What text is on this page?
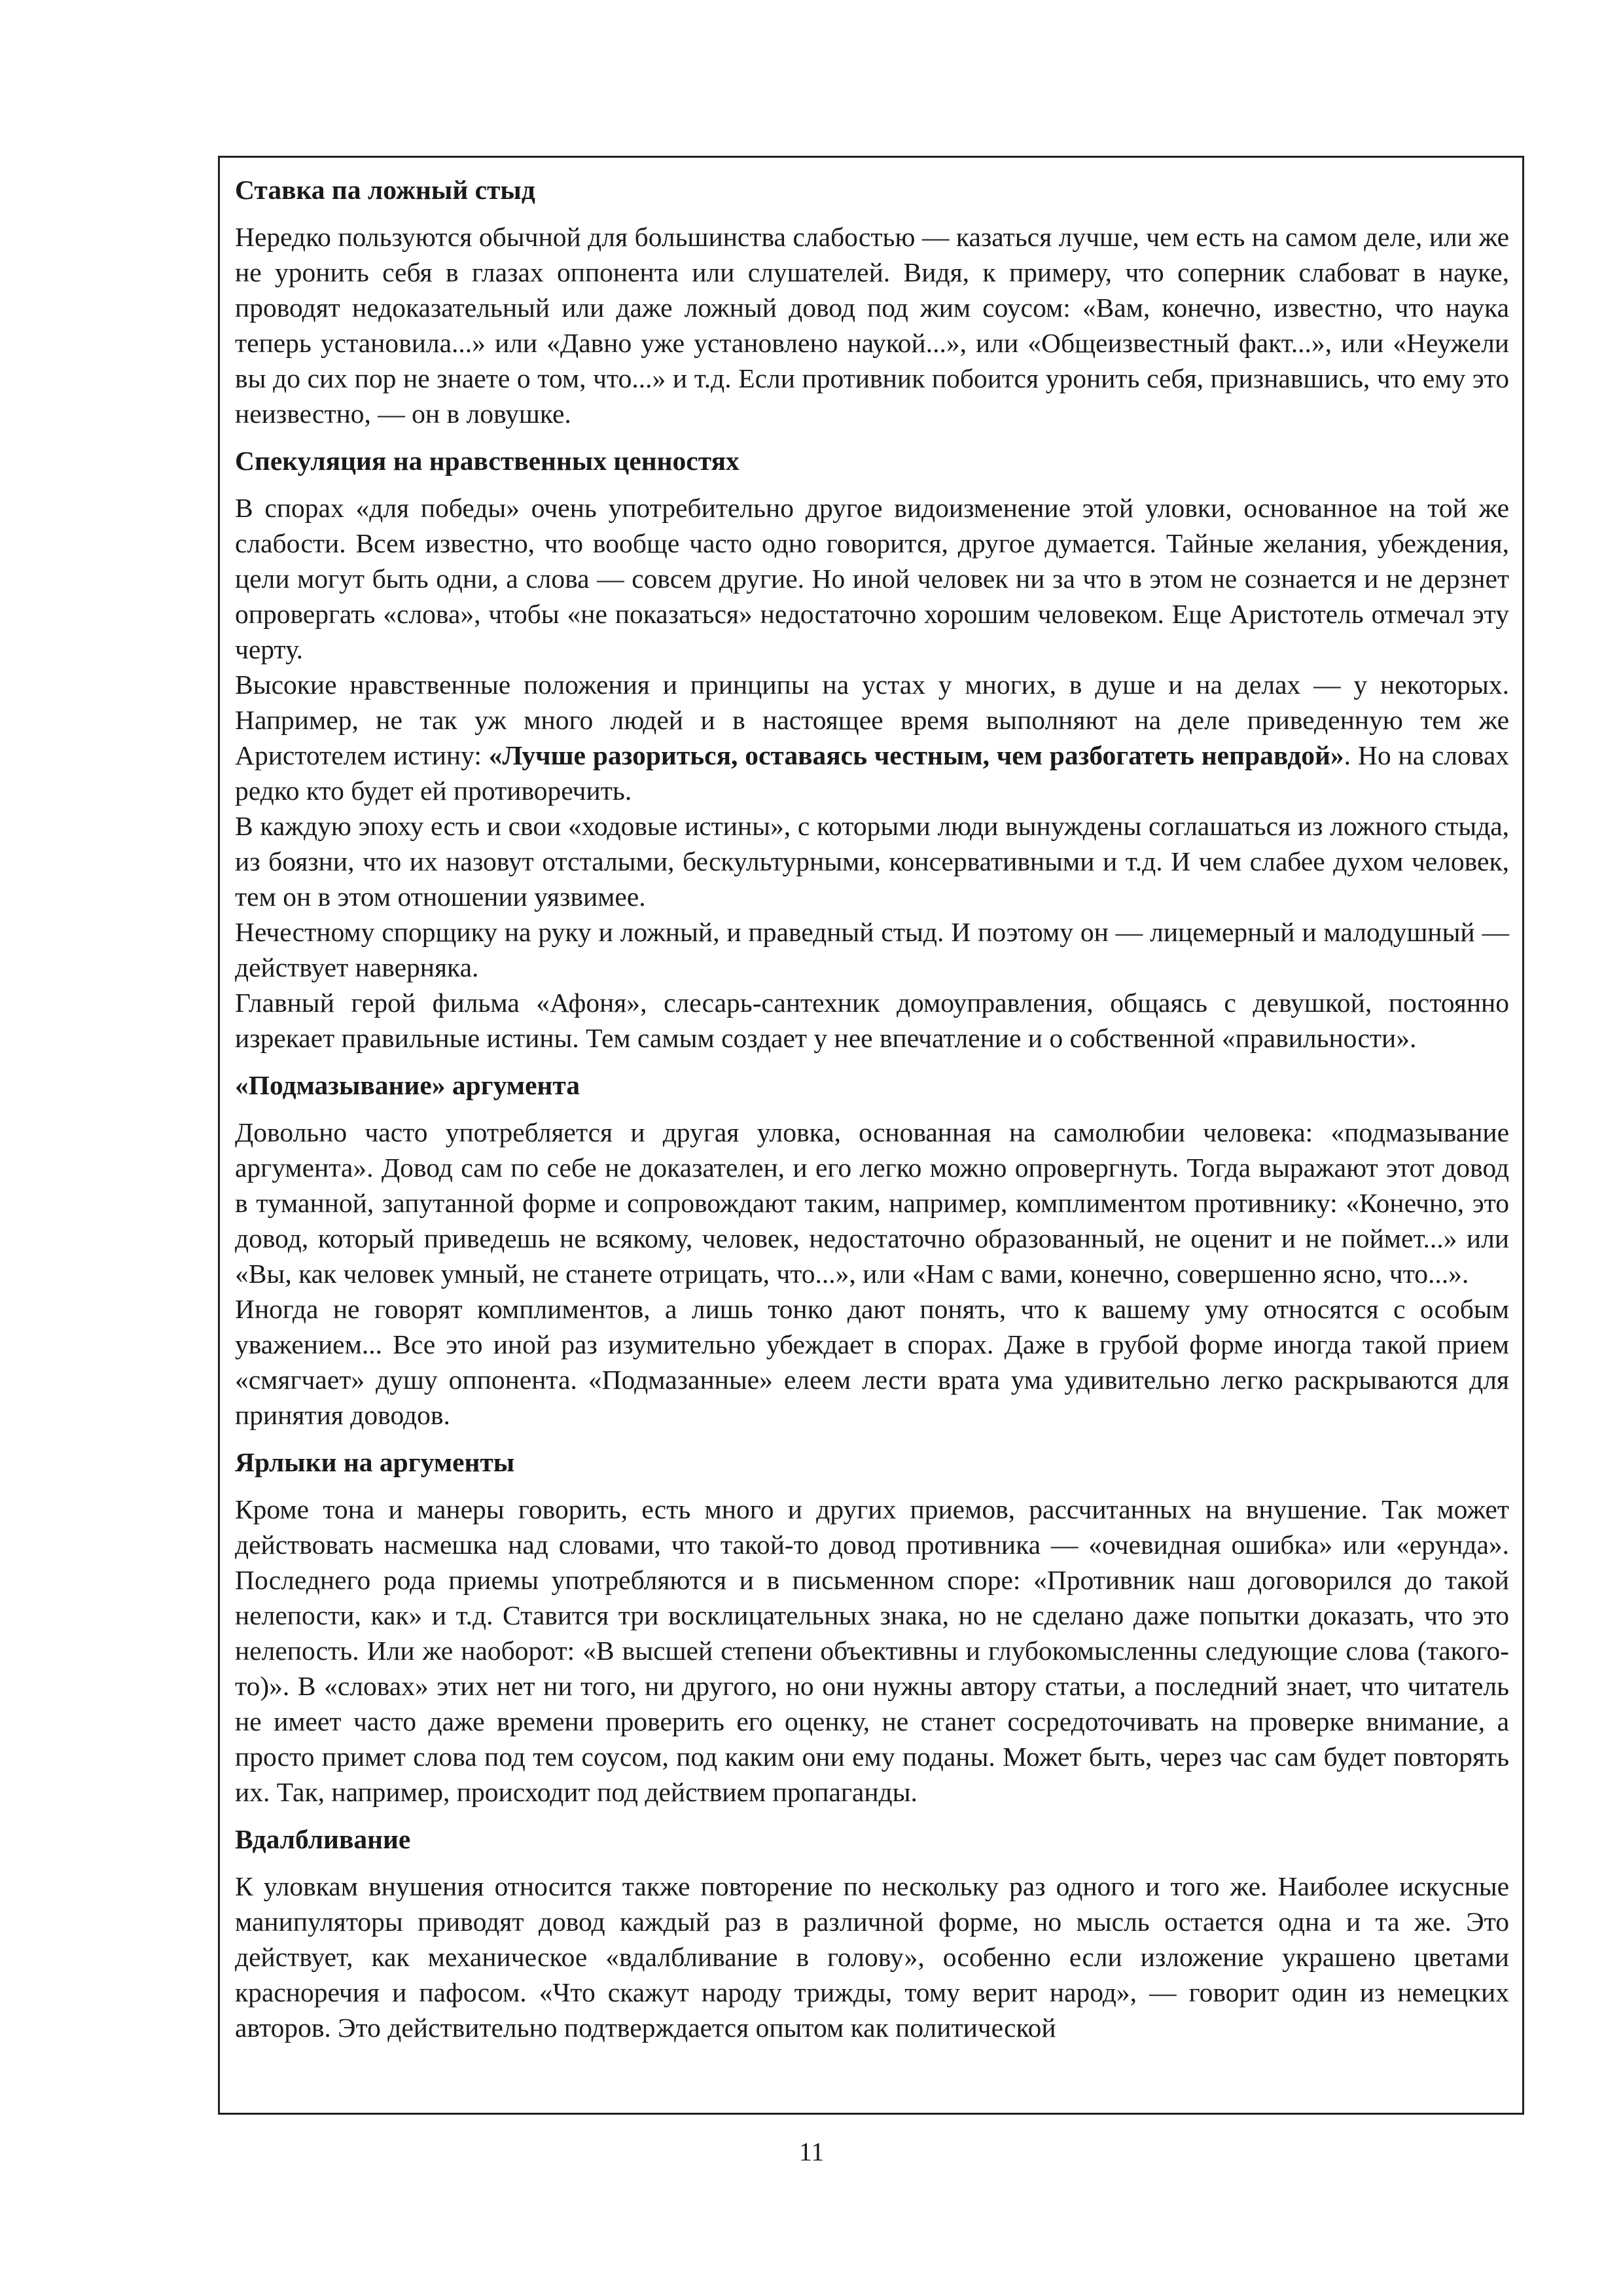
Ставка па ложный стыд

Нередко пользуются обычной для большинства слабостью — казаться лучше, чем есть на самом деле, или же не уронить себя в глазах оппонента или слушателей. Видя, к примеру, что соперник слабоват в науке, проводят недоказательный или даже ложный довод под жим соусом: «Вам, конечно, известно, что наука теперь установила...» или «Давно уже установлено наукой...», или «Общеизвестный факт...», или «Неужели вы до сих пор не знаете о том, что...» и т.д. Если противник побоится уронить себя, признавшись, что ему это неизвестно, — он в ловушке.

Спекуляция на нравственных ценностях

В спорах «для победы» очень употребительно другое видоизменение этой уловки, основанное на той же слабости. Всем известно, что вообще часто одно говорится, другое думается. Тайные желания, убеждения, цели могут быть одни, а слова — совсем другие. Но иной человек ни за что в этом не сознается и не дерзнет опровергать «слова», чтобы «не показаться» недостаточно хорошим человеком. Еще Аристотель отмечал эту черту.

Высокие нравственные положения и принципы на устах у многих, в душе и на делах — у некоторых. Например, не так уж много людей и в настоящее время выполняют на деле приведенную тем же Аристотелем истину: «Лучше разориться, оставаясь честным, чем разбогатеть неправдой». Но на словах редко кто будет ей противоречить.

В каждую эпоху есть и свои «ходовые истины», с которыми люди вынуждены соглашаться из ложного стыда, из боязни, что их назовут отсталыми, бескультурными, консервативными и т.д. И чем слабее духом человек, тем он в этом отношении уязвимее.

Нечестному спорщику на руку и ложный, и праведный стыд. И поэтому он — лицемерный и малодушный — действует наверняка.

Главный герой фильма «Афоня», слесарь-сантехник домоуправления, общаясь с девушкой, постоянно изрекает правильные истины. Тем самым создает у нее впечатление и о собственной «правильности».

«Подмазывание» аргумента

Довольно часто употребляется и другая уловка, основанная на самолюбии человека: «подмазывание аргумента». Довод сам по себе не доказателен, и его легко можно опровергнуть. Тогда выражают этот довод в туманной, запутанной форме и сопровождают таким, например, комплиментом противнику: «Конечно, это довод, который приведешь не всякому, человек, недостаточно образованный, не оценит и не поймет...» или «Вы, как человек умный, не станете отрицать, что...», или «Нам с вами, конечно, совершенно ясно, что...».

Иногда не говорят комплиментов, а лишь тонко дают понять, что к вашему уму относятся с особым уважением... Все это иной раз изумительно убеждает в спорах. Даже в грубой форме иногда такой прием «смягчает» душу оппонента. «Подмазанные» елеем лести врата ума удивительно легко раскрываются для принятия доводов.

Ярлыки на аргументы

Кроме тона и манеры говорить, есть много и других приемов, рассчитанных на внушение. Так может действовать насмешка над словами, что такой-то довод противника — «очевидная ошибка» или «ерунда». Последнего рода приемы употребляются и в письменном споре: «Противник наш договорился до такой нелепости, как» и т.д. Ставится три восклицательных знака, но не сделано даже попытки доказать, что это нелепость. Или же наоборот: «В высшей степени объективны и глубокомысленны следующие слова (такого-то)». В «словах» этих нет ни того, ни другого, но они нужны автору статьи, а последний знает, что читатель не имеет часто даже времени проверить его оценку, не станет сосредоточивать на проверке внимание, а просто примет слова под тем соусом, под каким они ему поданы. Может быть, через час сам будет повторять их. Так, например, происходит под действием пропаганды.

Вдалбливание

К уловкам внушения относится также повторение по нескольку раз одного и того же. Наиболее искусные манипуляторы приводят довод каждый раз в различной форме, но мысль остается одна и та же. Это действует, как механическое «вдалбливание в голову», особенно если изложение украшено цветами красноречия и пафосом. «Что скажут народу трижды, тому верит народ», — говорит один из немецких авторов. Это действительно подтверждается опытом как политической

11
